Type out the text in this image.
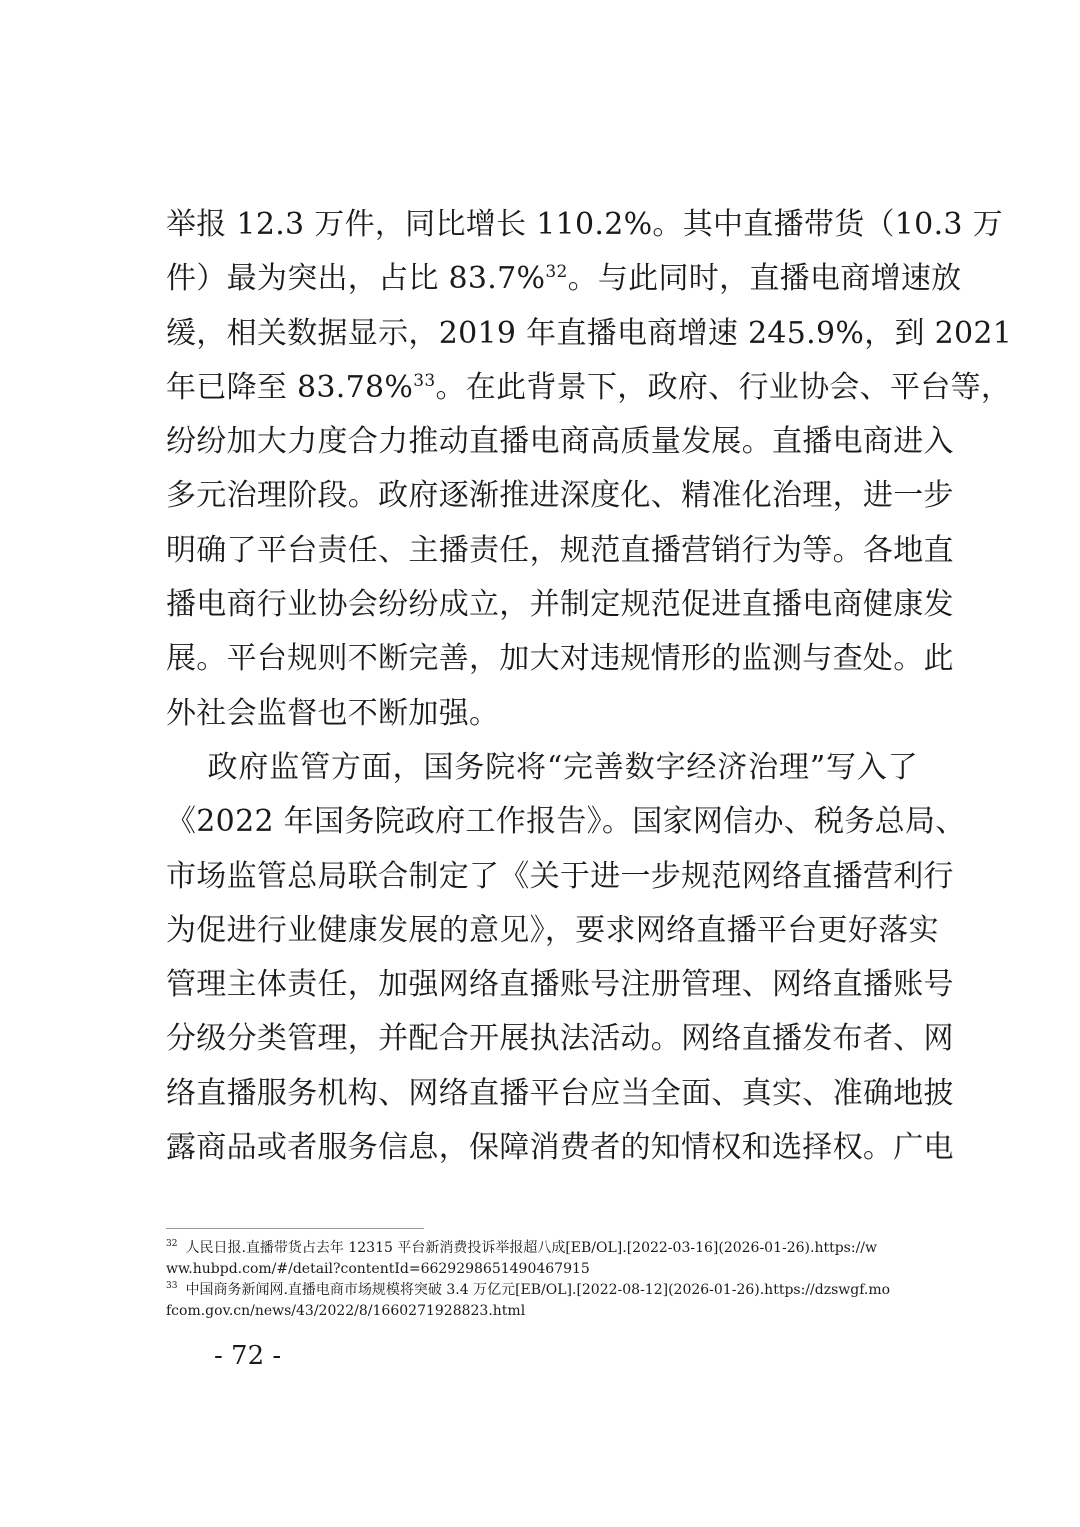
举报 12.3 万件，同比增长 110.2%。其中直播带货（10.3 万
件）最为突出，占比 83.7%$^{32}$。与此同时，直播电商增速放
缓，相关数据显示，2019 年直播电商增速 245.9%，到 2021
年已降至 83.78%$^{33}$。在此背景下，政府、行业协会、平台等，
纷纷加大力度合力推动直播电商高质量发展。直播电商进入
多元治理阶段。政府逐渐推进深度化、精准化治理，进一步
明确了平台责任、主播责任，规范直播营销行为等。各地直
播电商行业协会纷纷成立，并制定规范促进直播电商健康发
展。平台规则不断完善，加大对违规情形的监测与查处。此
外社会监督也不断加强。
政府监管方面，国务院将“完善数字经济治理”写入了
《2022 年国务院政府工作报告》。国家网信办、税务总局、
市场监管总局联合制定了《关于进一步规范网络直播营利行
为促进行业健康发展的意见》，要求网络直播平台更好落实
管理主体责任，加强网络直播账号注册管理、网络直播账号
分级分类管理，并配合开展执法活动。网络直播发布者、网
络直播服务机构、网络直播平台应当全面、真实、准确地披
露商品或者服务信息，保障消费者的知情权和选择权。广电
$^{32}$ 人民日报.直播带货占去年 12315 平台新消费投诉举报超八成[EB/OL].[2022-03-16](2026-01-26).https://w
ww.hubpd.com/#/detail?contentId=6629298651490467915
$^{33}$ 中国商务新闻网.直播电商市场规模将突破 3.4 万亿元[EB/OL].[2022-08-12](2026-01-26).https://dzswgf.mo
fcom.gov.cn/news/43/2022/8/1660271928823.html
- 72 -
